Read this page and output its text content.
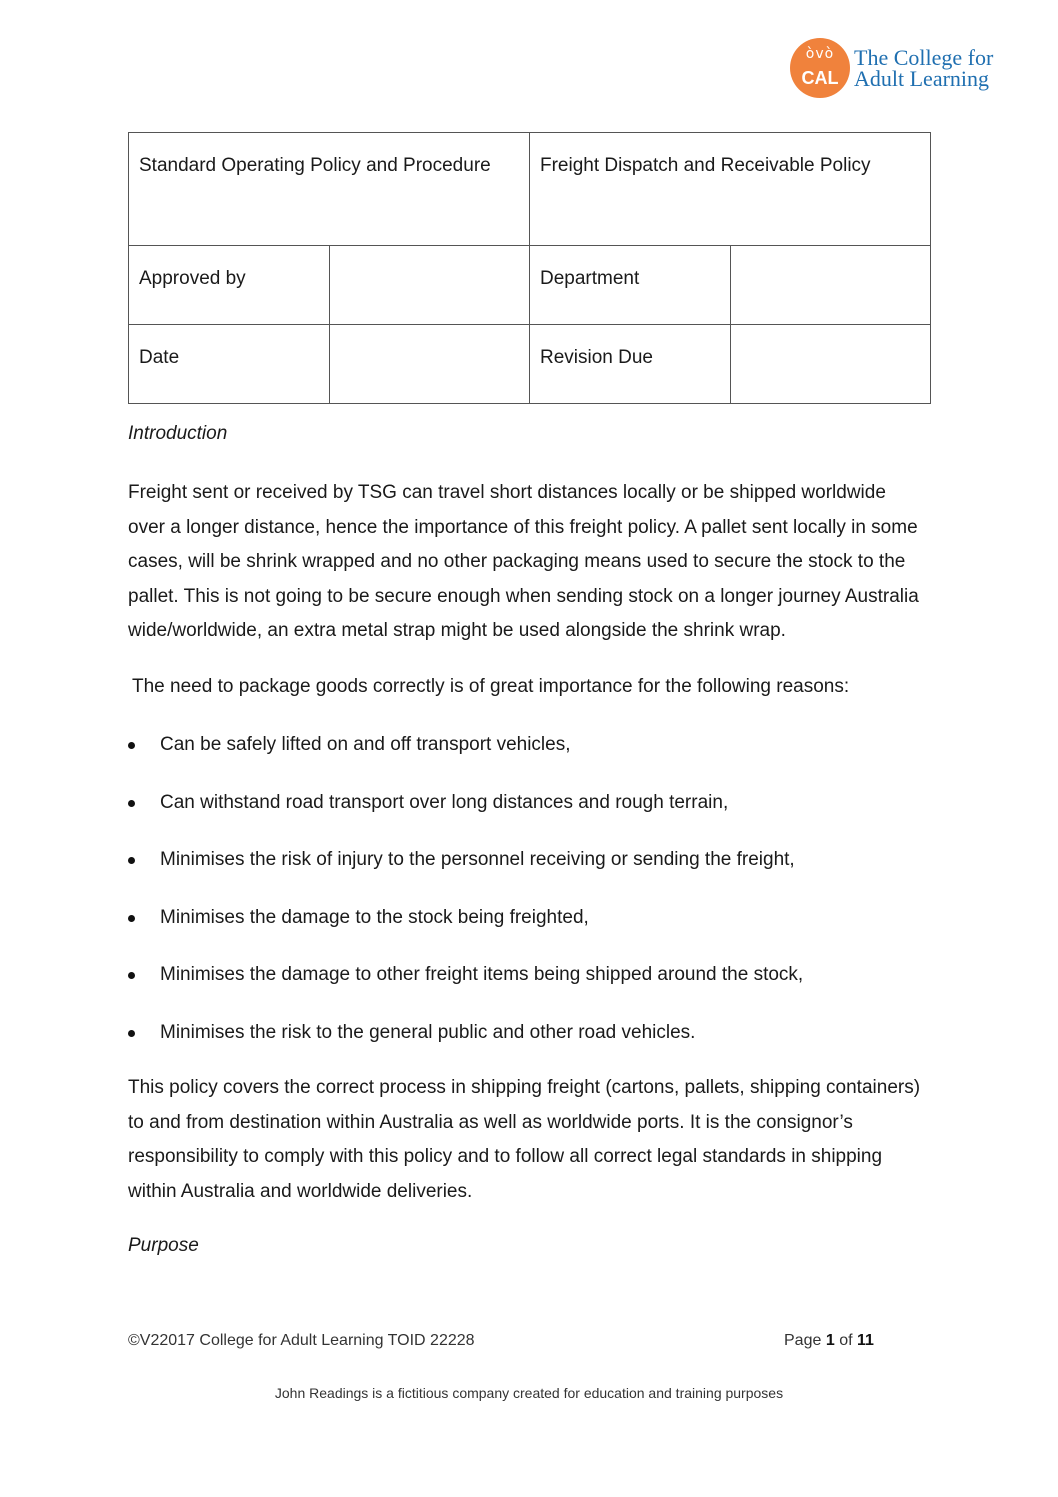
òvò
CAL
The College for
Adult Learning
Standard Operating Policy and Procedure		Freight Dispatch and Receivable Policy	
Approved by		Department	
Date		Revision Due	
Introduction
Freight sent or received by TSG can travel short distances locally or be shipped worldwide over a longer distance, hence the importance of this freight policy. A pallet sent locally in some cases, will be shrink wrapped and no other packaging means used to secure the stock to the pallet. This is not going to be secure enough when sending stock on a longer journey Australia wide/worldwide, an extra metal strap might be used alongside the shrink wrap.
The need to package goods correctly is of great importance for the following reasons:
Can be safely lifted on and off transport vehicles,
Can withstand road transport over long distances and rough terrain,
Minimises the risk of injury to the personnel receiving or sending the freight,
Minimises the damage to the stock being freighted,
Minimises the damage to other freight items being shipped around the stock,
Minimises the risk to the general public and other road vehicles.
This policy covers the correct process in shipping freight (cartons, pallets, shipping containers) to and from destination within Australia as well as worldwide ports. It is the consignor’s responsibility to comply with this policy and to follow all correct legal standards in shipping within Australia and worldwide deliveries.
Purpose
©V22017 College for Adult Learning TOID 22228	Page 1 of 11
John Readings is a fictitious company created for education and training purposes
